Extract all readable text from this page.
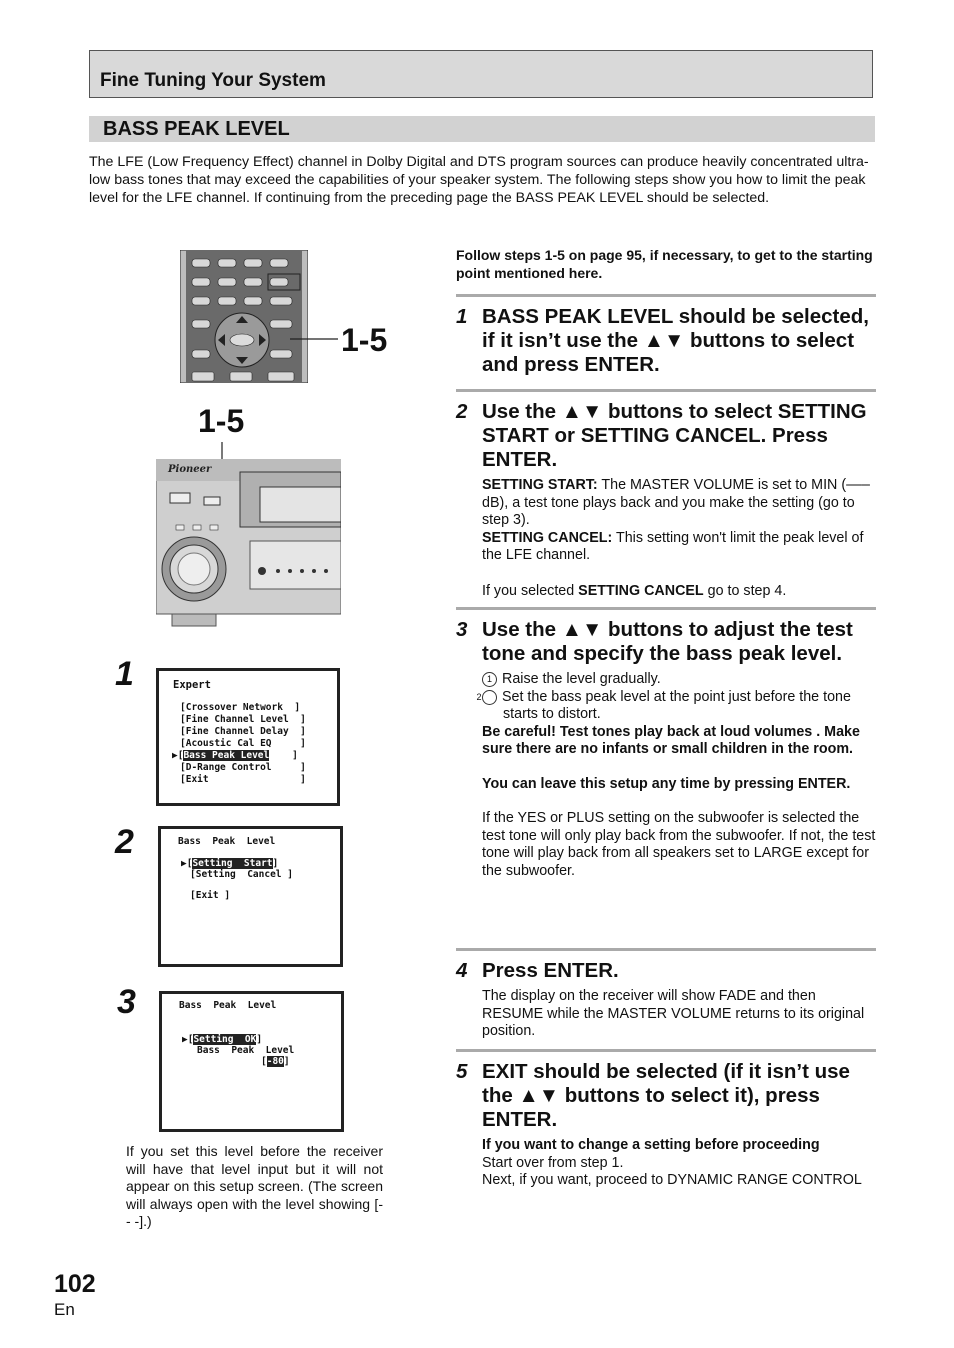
Fine Tuning Your System
BASS PEAK LEVEL
The LFE (Low Frequency Effect) channel in Dolby Digital and DTS program sources can produce heavily concentrated ultra-low bass tones that may exceed the capabilities of your speaker system. The following steps show you how to limit the peak level for the LFE channel. If continuing from the preceding page the BASS PEAK LEVEL should be selected.
1-5
1-5
Pioneer
1	Expert
[Crossover Network  ]
[Fine Channel Level  ]
[Fine Channel Delay  ]
[Acoustic Cal EQ     ]
▶[Bass Peak Level    ]
[D-Range Control     ]
[Exit                ]
2	Bass  Peak  Level
▶[Setting  Start]
[Setting  Cancel ]
[Exit ]
3	Bass  Peak  Level
▶[Setting  OK]
Bass  Peak  Level
[-80]
If you set this level before the receiver will have that level input but it will not appear on this setup screen. (The screen will always open with the level showing [- - -].)
Follow steps 1-5 on page 95, if necessary, to get to the starting point mentioned here.
1 BASS PEAK LEVEL should be selected, if it isn’t use the ▲▼ buttons to select and press ENTER.
2 Use the ▲▼ buttons to select SETTING START or SETTING CANCEL. Press ENTER.
SETTING START: The MASTER VOLUME is set to MIN (–––dB), a test tone plays back and you make the setting (go to step 3).
SETTING CANCEL: This setting won't limit the peak level of the LFE channel.
If you selected SETTING CANCEL go to step 4.
3 Use the ▲▼ buttons to adjust the test tone and specify the bass peak level.
1 Raise the level gradually.
2 Set the bass peak level at the point just before the tone starts to distort.
Be careful! Test tones play back at loud volumes . Make sure there are no infants or small children in the room.
You can leave this setup any time by pressing ENTER.
If the YES or PLUS setting on the subwoofer is selected the test tone will only play back from the subwoofer. If not, the test tone will play back from all speakers set to LARGE except for the subwoofer.
4 Press ENTER.
The display on the receiver will show FADE and then RESUME while the MASTER VOLUME returns to its original position.
5 EXIT should be selected (if it isn’t use the ▲▼ buttons to select it), press ENTER.
If you want to change a setting before proceeding
Start over from step 1.
Next, if you want, proceed to DYNAMIC RANGE CONTROL
102
En
